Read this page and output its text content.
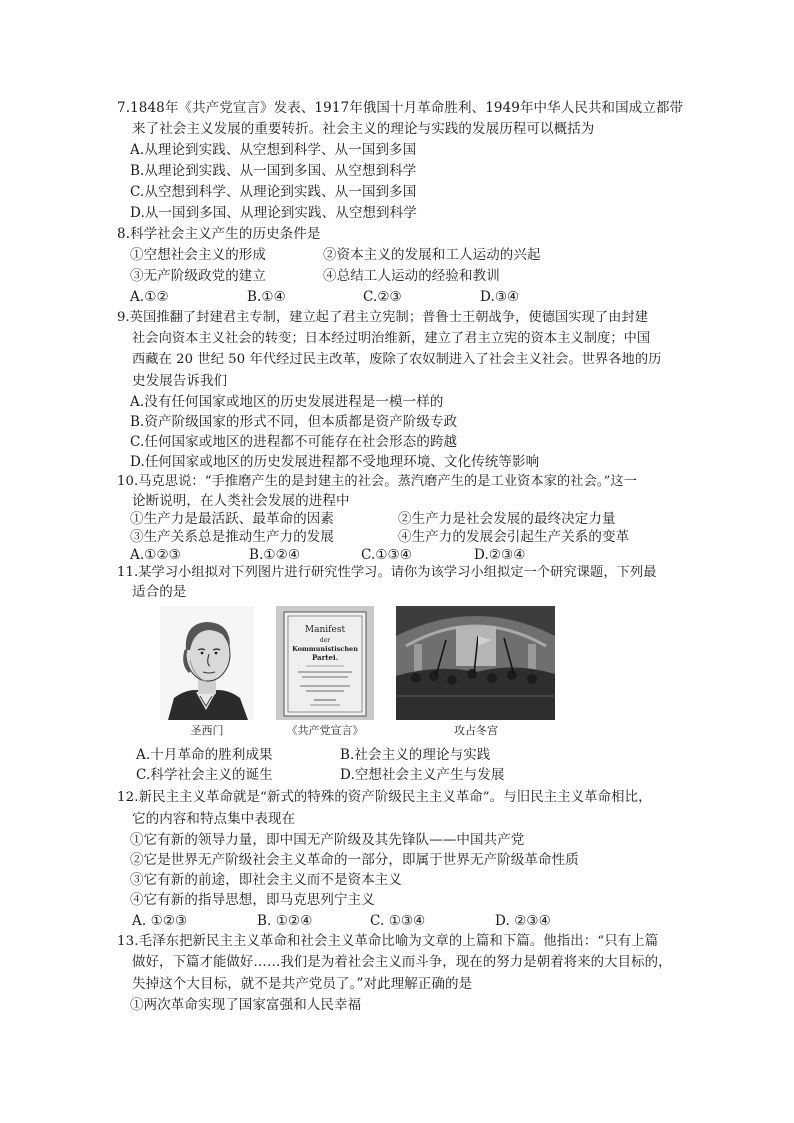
7.1848年《共产党宣言》发表、1917年俄国十月革命胜利、1949年中华人民共和国成立都带
来了社会主义发展的重要转折。社会主义的理论与实践的发展历程可以概括为
A.从理论到实践、从空想到科学、从一国到多国
B.从理论到实践、从一国到多国、从空想到科学
C.从空想到科学、从理论到实践、从一国到多国
D.从一国到多国、从理论到实践、从空想到科学
8.科学社会主义产生的历史条件是
①空想社会主义的形成	②资本主义的发展和工人运动的兴起
③无产阶级政党的建立	④总结工人运动的经验和教训
A.①②	B.①④	C.②③	D.③④
9.英国推翻了封建君主专制，建立起了君主立宪制；普鲁士王朝战争，使德国实现了由封建
社会向资本主义社会的转变；日本经过明治维新，建立了君主立宪的资本主义制度；中国
西藏在 20 世纪 50 年代经过民主改革，废除了农奴制进入了社会主义社会。世界各地的历
史发展告诉我们
A.没有任何国家或地区的历史发展进程是一模一样的
B.资产阶级国家的形式不同，但本质都是资产阶级专政
C.任何国家或地区的进程都不可能存在社会形态的跨越
D.任何国家或地区的历史发展进程都不受地理环境、文化传统等影响
10.马克思说：“手推磨产生的是封建主的社会。蒸汽磨产生的是工业资本家的社会。”这一
论断说明，在人类社会发展的进程中
①生产力是最活跃、最革命的因素	②生产力是社会发展的最终决定力量
③生产关系总是推动生产力的发展	④生产力的发展会引起生产关系的变革
A.①②③	B.①②④	C.①③④	D.②③④
11.某学习小组拟对下列图片进行研究性学习。请你为该学习小组拟定一个研究课题，下列最
适合的是
Manifest
der
Kommunistischen
Partei.
圣西门	《共产党宣言》	攻占冬宫
A.十月革命的胜利成果	B.社会主义的理论与实践
C.科学社会主义的诞生	D.空想社会主义产生与发展
12.新民主主义革命就是“新式的特殊的资产阶级民主主义革命”。与旧民主主义革命相比，
它的内容和特点集中表现在
①它有新的领导力量，即中国无产阶级及其先锋队——中国共产党
②它是世界无产阶级社会主义革命的一部分，即属于世界无产阶级革命性质
③它有新的前途，即社会主义而不是资本主义
④它有新的指导思想，即马克思列宁主义
A. ①②③	B. ①②④	C. ①③④	D. ②③④
13.毛泽东把新民主主义革命和社会主义革命比喻为文章的上篇和下篇。他指出：“只有上篇
做好，下篇才能做好……我们是为着社会主义而斗争，现在的努力是朝着将来的大目标的，
失掉这个大目标，就不是共产党员了。”对此理解正确的是
①两次革命实现了国家富强和人民幸福
